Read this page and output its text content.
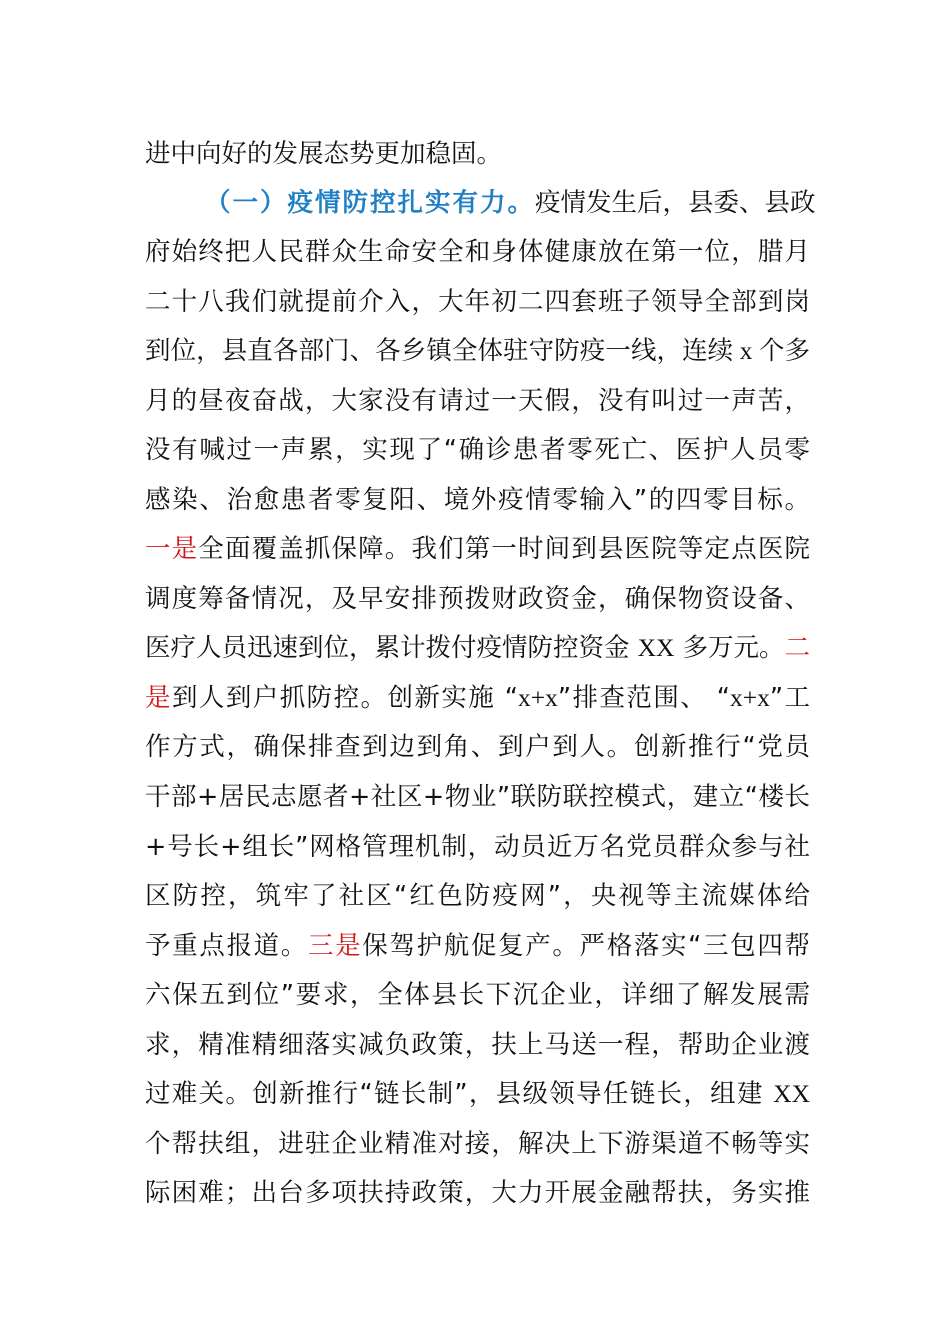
进中向好的发展态势更加稳固。
（一）疫情防控扎实有力。疫情发生后，县委、县政
府始终把人民群众生命安全和身体健康放在第一位，腊月
二十八我们就提前介入，大年初二四套班子领导全部到岗
到位，县直各部门、各乡镇全体驻守防疫一线，连续 x 个多
月的昼夜奋战，大家没有请过一天假，没有叫过一声苦，
没有喊过一声累，实现了“确诊患者零死亡、医护人员零
感染、治愈患者零复阳、境外疫情零输入”的四零目标。
一是全面覆盖抓保障。我们第一时间到县医院等定点医院
调度筹备情况，及早安排预拨财政资金，确保物资设备、
医疗人员迅速到位，累计拨付疫情防控资金 XX 多万元。二
是到人到户抓防控。创新实施 “x+x”排查范围、 “x+x”工
作方式，确保排查到边到角、到户到人。创新推行“党员
干部+居民志愿者+社区+物业”联防联控模式，建立“楼长
+号长+组长”网格管理机制，动员近万名党员群众参与社
区防控，筑牢了社区“红色防疫网”，央视等主流媒体给
予重点报道。三是保驾护航促复产。严格落实“三包四帮
六保五到位”要求，全体县长下沉企业，详细了解发展需
求，精准精细落实减负政策，扶上马送一程，帮助企业渡
过难关。创新推行“链长制”，县级领导任链长，组建 XX
个帮扶组，进驻企业精准对接，解决上下游渠道不畅等实
际困难；出台多项扶持政策，大力开展金融帮扶，务实推
